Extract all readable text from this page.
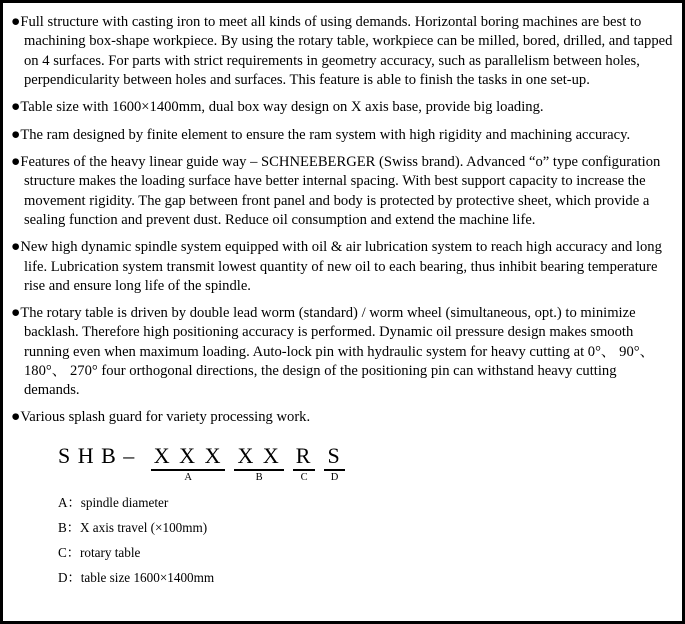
●Full structure with casting iron to meet all kinds of using demands. Horizontal boring machines are best to machining box-shape workpiece. By using the rotary table, workpiece can be milled, bored, drilled, and tapped on 4 surfaces. For parts with strict requirements in geometry accuracy, such as parallelism between holes, perpendicularity between holes and surfaces. This feature is able to finish the tasks in one set-up.
●Table size with 1600×1400mm, dual box way design on X axis base, provide big loading.
●The ram designed by finite element to ensure the ram system with high rigidity and machining accuracy.
●Features of the heavy linear guide way – SCHNEEBERGER (Swiss brand). Advanced “o” type configuration structure makes the loading surface have better internal spacing. With best support capacity to increase the movement rigidity. The gap between front panel and body is protected by protective sheet, which provide a sealing function and prevent dust. Reduce oil consumption and extend the machine life.
●New high dynamic spindle system equipped with oil & air lubrication system to reach high accuracy and long life. Lubrication system transmit lowest quantity of new oil to each bearing, thus inhibit bearing temperature rise and ensure long life of the spindle.
●The rotary table is driven by double lead worm (standard) / worm wheel (simultaneous, opt.) to minimize backlash. Therefore high positioning accuracy is performed. Dynamic oil pressure design makes smooth running even when maximum loading. Auto-lock pin with hydraulic system for heavy cutting at 0°、 90°、 180°、 270° four orthogonal directions, the design of the positioning pin can withstand heavy cutting demands.
●Various splash guard for variety processing work.
S H B – X X X
A
X X
B
R
C
S
D
A：spindle diameter
B：X axis travel (×100mm)
C：rotary table
D：table size 1600×1400mm
